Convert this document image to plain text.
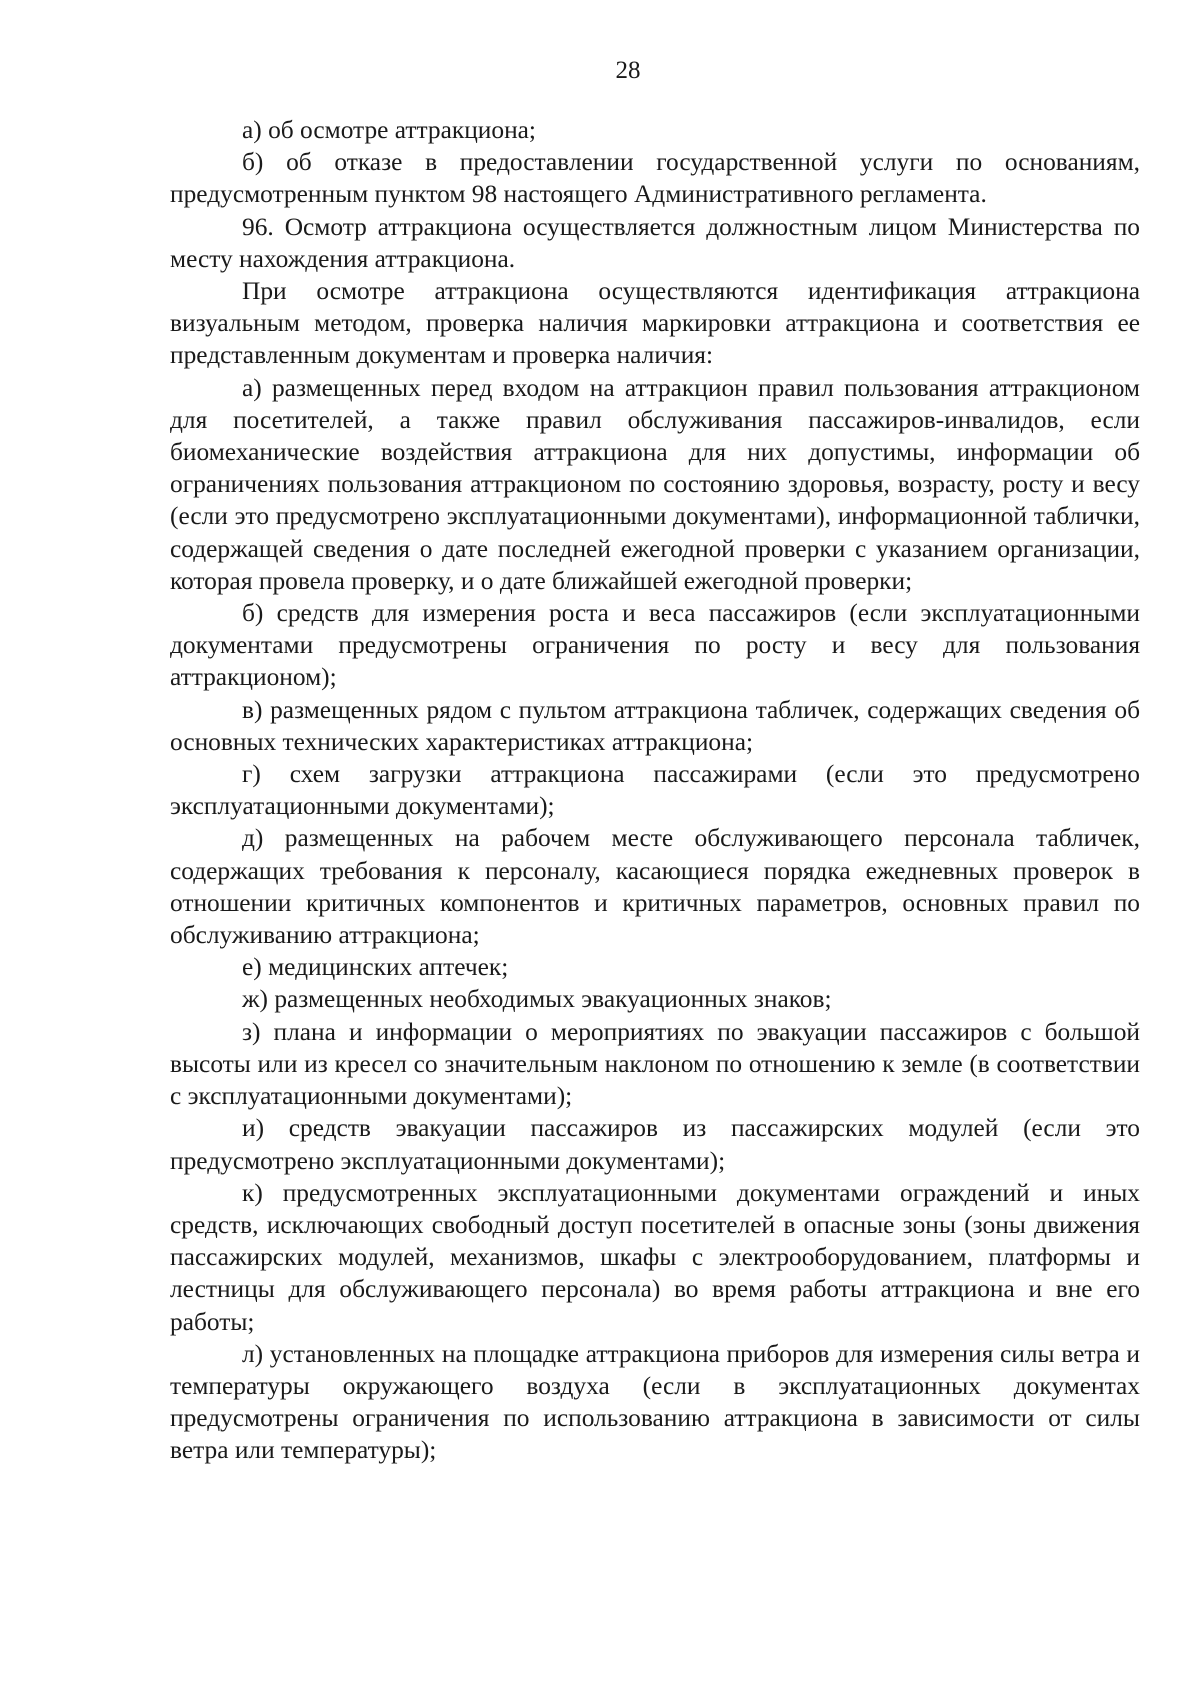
28

а) об осмотре аттракциона;

б) об отказе в предоставлении государственной услуги по основаниям, предусмотренным пунктом 98 настоящего Административного регламента.

96. Осмотр аттракциона осуществляется должностным лицом Министерства по месту нахождения аттракциона.

При осмотре аттракциона осуществляются идентификация аттракциона визуальным методом, проверка наличия маркировки аттракциона и соответствия ее представленным документам и проверка наличия:

а) размещенных перед входом на аттракцион правил пользования аттракционом для посетителей, а также правил обслуживания пассажиров-инвалидов, если биомеханические воздействия аттракциона для них допустимы, информации об ограничениях пользования аттракционом по состоянию здоровья, возрасту, росту и весу (если это предусмотрено эксплуатационными документами), информационной таблички, содержащей сведения о дате последней ежегодной проверки с указанием организации, которая провела проверку, и о дате ближайшей ежегодной проверки;

б) средств для измерения роста и веса пассажиров (если эксплуатационными документами предусмотрены ограничения по росту и весу для пользования аттракционом);

в) размещенных рядом с пультом аттракциона табличек, содержащих сведения об основных технических характеристиках аттракциона;

г) схем загрузки аттракциона пассажирами (если это предусмотрено эксплуатационными документами);

д) размещенных на рабочем месте обслуживающего персонала табличек, содержащих требования к персоналу, касающиеся порядка ежедневных проверок в отношении критичных компонентов и критичных параметров, основных правил по обслуживанию аттракциона;

е) медицинских аптечек;

ж) размещенных необходимых эвакуационных знаков;

з) плана и информации о мероприятиях по эвакуации пассажиров с большой высоты или из кресел со значительным наклоном по отношению к земле (в соответствии с эксплуатационными документами);

и) средств эвакуации пассажиров из пассажирских модулей (если это предусмотрено эксплуатационными документами);

к) предусмотренных эксплуатационными документами ограждений и иных средств, исключающих свободный доступ посетителей в опасные зоны (зоны движения пассажирских модулей, механизмов, шкафы с электрооборудованием, платформы и лестницы для обслуживающего персонала) во время работы аттракциона и вне его работы;

л) установленных на площадке аттракциона приборов для измерения силы ветра и температуры окружающего воздуха (если в эксплуатационных документах предусмотрены ограничения по использованию аттракциона в зависимости от силы ветра или температуры);
